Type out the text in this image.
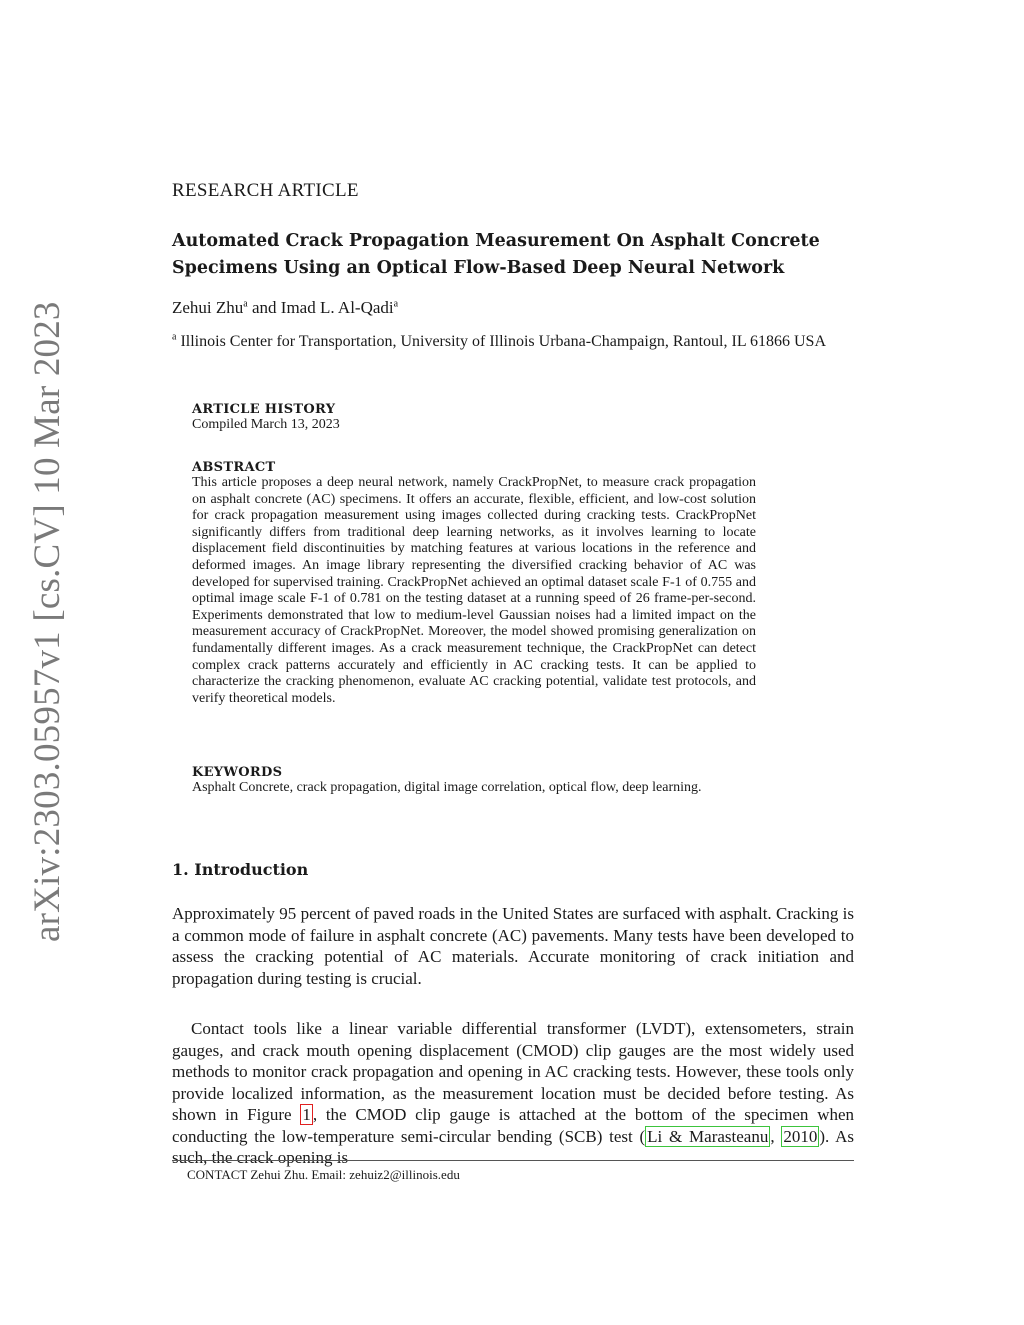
arXiv:2303.05957v1 [cs.CV] 10 Mar 2023
RESEARCH ARTICLE
Automated Crack Propagation Measurement On Asphalt Concrete Specimens Using an Optical Flow-Based Deep Neural Network
Zehui Zhu$^a$ and Imad L. Al-Qadi$^a$
$^a$ Illinois Center for Transportation, University of Illinois Urbana-Champaign, Rantoul, IL 61866 USA
ARTICLE HISTORY
Compiled March 13, 2023
ABSTRACT
This article proposes a deep neural network, namely CrackPropNet, to measure crack propagation on asphalt concrete (AC) specimens. It offers an accurate, flexible, efficient, and low-cost solution for crack propagation measurement using images collected during cracking tests. CrackPropNet significantly differs from traditional deep learning networks, as it involves learning to locate displacement field discontinuities by matching features at various locations in the reference and deformed images. An image library representing the diversified cracking behavior of AC was developed for supervised training. CrackPropNet achieved an optimal dataset scale F-1 of 0.755 and optimal image scale F-1 of 0.781 on the testing dataset at a running speed of 26 frame-per-second. Experiments demonstrated that low to medium-level Gaussian noises had a limited impact on the measurement accuracy of CrackPropNet. Moreover, the model showed promising generalization on fundamentally different images. As a crack measurement technique, the CrackPropNet can detect complex crack patterns accurately and efficiently in AC cracking tests. It can be applied to characterize the cracking phenomenon, evaluate AC cracking potential, validate test protocols, and verify theoretical models.
KEYWORDS
Asphalt Concrete, crack propagation, digital image correlation, optical flow, deep learning.
1. Introduction
Approximately 95 percent of paved roads in the United States are surfaced with asphalt. Cracking is a common mode of failure in asphalt concrete (AC) pavements. Many tests have been developed to assess the cracking potential of AC materials. Accurate monitoring of crack initiation and propagation during testing is crucial.
Contact tools like a linear variable differential transformer (LVDT), extensometers, strain gauges, and crack mouth opening displacement (CMOD) clip gauges are the most widely used methods to monitor crack propagation and opening in AC cracking tests. However, these tools only provide localized information, as the measurement location must be decided before testing. As shown in Figure 1 , the CMOD clip gauge is attached at the bottom of the specimen when conducting the low-temperature semi-circular bending (SCB) test ( Li & Marasteanu , 2010 ). As such, the crack opening is
CONTACT Zehui Zhu. Email: zehuiz2@illinois.edu
